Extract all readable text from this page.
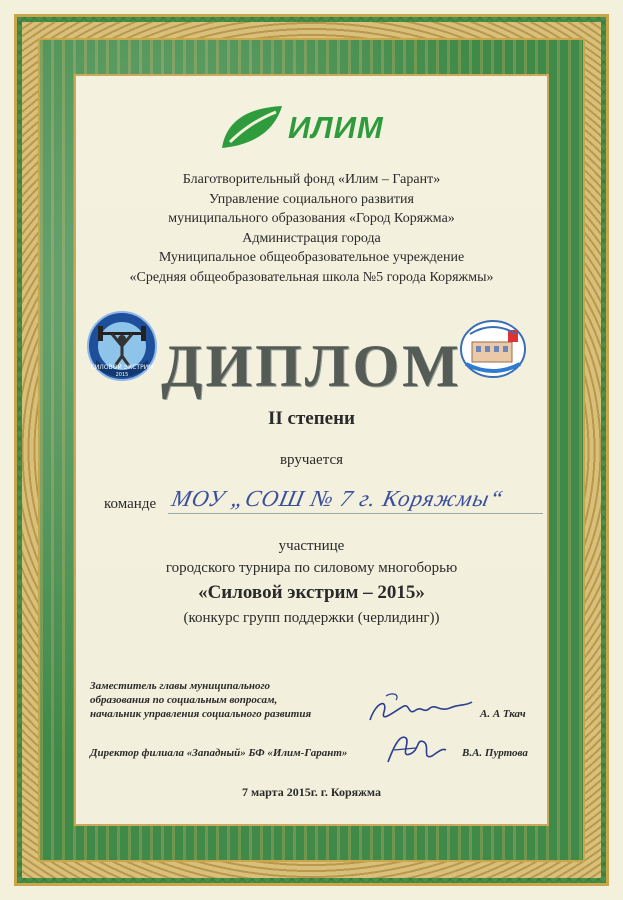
ИЛИМ
Благотворительный фонд «Илим – Гарант»
Управление социального развития
муниципального образования «Город Коряжма»
Администрация города
Муниципальное общеобразовательное учреждение
«Средняя общеобразовательная школа №5 города Коряжмы»
СИЛОВОЙ ЭКСТРИМ
2015 ДИПЛОМ
II степени
вручается
команде МОУ „СОШ № 7 г. Коряжмы“
участнице
городского турнира по силовому многоборью
«Силовой экстрим – 2015»
(конкурс групп поддержки (черлидинг))
Заместитель главы муниципального
образования по социальным вопросам,
начальник управления социального развития	А. А Ткач
Директор филиала «Западный» БФ «Илим-Гарант»	В.А. Пуртова
7 марта 2015г. г. Коряжма
